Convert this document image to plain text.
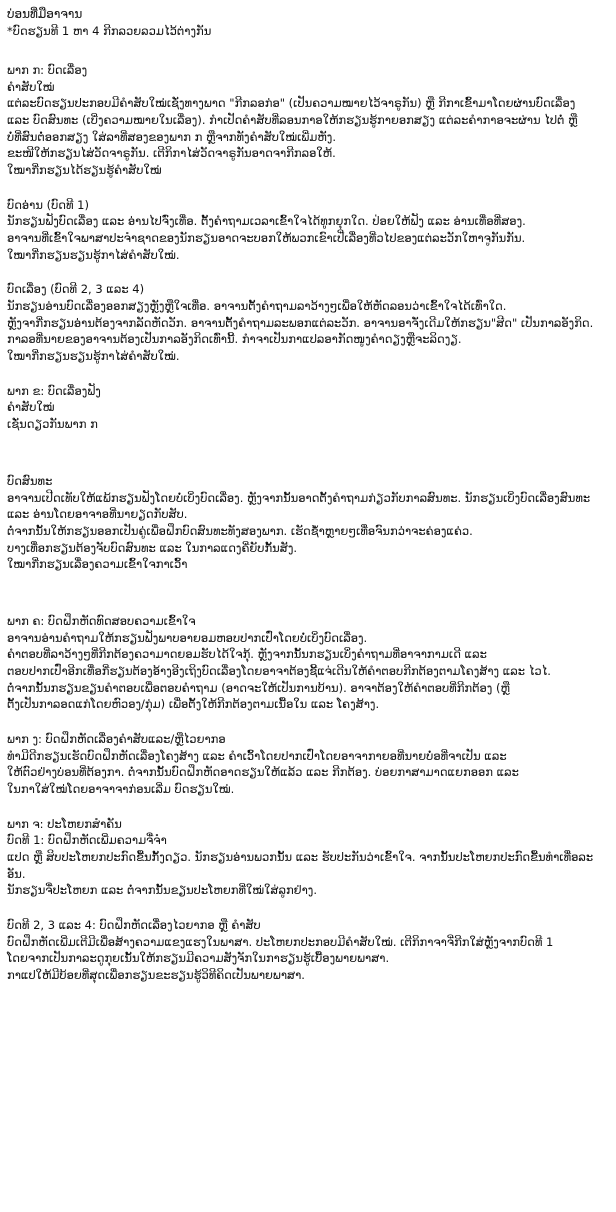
ບ່ອນທີ່ມືອາຈານ

*ບົດຮຽນທີ 1 ຫາ 4 ກີກລວຍລວມໄວ້ຕ່າງກັນ

ພາກ ກ: ບົດເລື່ອງ

ຄຳສັບໃໝ່

ແຕ່ລະບົດຮຽນປະກອບມີຄຳສັບໃໝ່ເຊັ່ງທາງພາດ "ກີກລອກ່ອ" (ເປັນຄວາມໝາຍໄວ້ຈາຣູກັນ) ຫຼື ກີກາເຂົ້າມາໂດຍຜ່ານບົດເລື່ອງ

ແລະ ບົດສົນທະ (ເບີ່ງຄວາມໝາຍໃນເລື່ອງ). ກໍາເປັດຄຳສັບທີ່ລອນກາອໃຫ້ກຮຽນຮູ້ກາຍອກສຽງ ແຕ່ລະຄຳກາອຈະຜ່ານ ໄປຕໍ່ ຫຼື

ບໍ່ທີ່ສົນຕໍ່ອອກສຽງ ໃສ່ລາທີ່ສອງຂອງພາກ ກ ຫຼືຈາກທັງຄຳສັບໃໝ່ເພີ່ມຫັງ.

ຂະໜີໃຫ້ກຮຽນໄສ່ວັດຈາຣູກັນ. ເຕີກິກາໄສ່ວັດຈາຣູກັນອາດຈາກີກລອໃຫ້.

ໃໝາກີ່ກຮຽນໄດ້ຮຽນຮູ້ຄຳສັບໃໝ່

ບົດອ່ານ (ບົດທີ 1)

ນັກຮຽນຟັງບົດເລື່ອງ ແລະ ອ່ານໄປຈົ່ງເທື່ອ. ຕັ້ງຄຳຖາມເວລາເຂົ້າໃຈໄດ້ທູກຍຸກໃດ. ປ່ອຍໃຫ້ຟັງ ແລະ ອ່ານເທື່ອທີ່ສອງ.

ອາຈານທີ່ເຂົ້າໃຈພາສາປະຈຳຊາດຂອງນັກຮຽນອາດຈະບອກໃຫ້ພວກເຂົາເປີ່ເລື່ອງທີ່ວໄປຂອງແຕ່ລະວັກໃຫາຈູກັນກັນ.

ໃໝາກີ່ກຮຽນຮຽນຮູ້ກາໄສ່ຄຳສັບໃໝ່.

ບົດເລື່ອງ (ບົດທີ 2, 3 ແລະ 4)

ນັກຮຽນອ່ານບົດເລື່ອງອອກສຽງຫຼັງຫຼືໃຈເທື່ອ. ອາຈານຕັ້ງຄຳຖາມລາວ້າງໆເພື່ອໃຫ້ຫັດລອນວ່າເຂົ້າໃຈໄດ້ເທົ່າໃດ.

ຫຼັງຈາກີ່ກຮຽນອ່ານຕ້ອງຈາກລັດຫັດວັກ. ອາຈານຕັ້ງຄຳຖາມລະພອກແຕ່ລະວັກ. ອາຈານອາຈັ່ງເດີມໃຫ້ກຮຽນ"ສີດ" ເປັນກາລອັງກິດ.

ກາລອທີ່ນາຍຂອງອາຈານຕ້ອງເປັນກາລອັງກິດເທົ່ານີ້. ກໍາຈາເປັນກາແປລອາກັດໜູງຄຳດຽງຫຼືຈະລິດງຽ.

ໃໝາກີ່ກຮຽນຮຽນຮູ້ກາໄສ່ຄຳສັບໃໝ່.

ພາກ ຂ: ບົດເລື່ອງຟັງ

ຄຳສັບໃໝ່

ເຊັ່ນດຽວກັນພາກ ກ

ບົດສົນທະ

ອາຈານເປີດເທັບໃຫ້ແພ້ກຮຽນຟັງໂດຍບໍ່ເບິ່ງບົດເລື່ອງ. ຫຼັງຈາກນັ້ນອາດຕັ້ງຄຳຖາມກ່ຽວກັບກາລສົນທະ. ນັກຮຽນເບິ່ງບົດເລື່ອງສົນທະ

ແລະ ອ່ານໂດຍອາຈາອທີ່ນາຍຽດກັບສັບ.

ຕໍ່ຈາກນັ້ນໃຫ້ກຮຽນອອກເປັນຄູ່ເພື່ອຝຶກບົດສົນທະທັງສອງພາກ. ເຮັດຊ້ຳຫຼາຍໆເທື່ອຈົນກວ່າຈະຄ່ອງແຄ່ວ.

ບາງເທື່ອກຮຽນຕ້ອງຈັບບົດສົນທະ ແລະ ໃນກາລແດງຄີ່ຍັບກັ້ນສັງ.

ໃໝາກີ່ກຮຽນເລື່ອງຄວາມເຂົ້າໃຈກາເວົ້າ

ພາກ ຄ: ບົດຝຶກຫັດທົດສອບຄວາມເຂົ້າໃຈ

ອາຈານອ່ານຄຳຖາມໃຫ້ກຮຽນຟັງພາບອາຍອມຫອບປາກເປົ່າໂດຍບໍ່ເບິ່ງບົດເລື່ອງ.

ຄຳຕອບທີ່ລາວ້າງໆທີ່ກີກຕ້ອງຄວາມາດຍອມຮັບໄດ້ໃຈກຸ້. ຫຼັງຈາກນັ້ນກຮຽນເບິ່ງຄຳຖາມທີ່ອາຈາກາມເດີ ແລະ

ຕອບປາກເປົ່າອີກເທື່ອກີ່ຮຽນຕ້ອງອ້າງອີງເຖິງບົດເລື່ອງໂດຍອາຈາຕ້ອງຊີ້ແຈ່ເດີນໃຫ້ຄຳຕອບກີກຕ້ອງຕາມໂຄງສ້າງ ແລະ ໄວໄ.

ຕໍ່ຈາກນັ້ນກຮຽນຂຽນຄຳຕອບເພື່ອຕອບຄຳຖາມ (ອາດຈະໃຫ້ເປັນການບ້ານ). ອາຈາຕ້ອງໃຫ້ຄຳຕອບທີ່ກີກຕ້ອງ (ຫຼື

ຕັ້ງເປັນກາລອດແກ່ໂດຍຫົວອງ/ກຸ່ມ) ເພື່ອຕັ້ງໃຫ້ກີກຕ້ອງຕາມເນື້ອໃນ ແລະ ໂຄງສ້າງ.

ພາກ ງ: ບົດຝຶກຫັດເລື່ອງຄຳສັບແລະ/ຫຼືໄວຍາກອ

ທຳມີດີກຮຽນເຮັດບົດຝຶກຫັດເລື່ອງໂຄງສ້າງ ແລະ ຄຳເວົ້າໂດຍປາກເປົ່າໂດຍອາຈາກາຍອທີ່ນາຍບໍ່ອທີ່ຈາເປັນ ແລະ

ໃຫ້ຕົວຢ່າງບ່ອນທີ່ຕ້ອງກາ. ຕໍ່ຈາກນັ້ນບົດຝຶກຫັດອາດຮຽນໃຫ້ແລ້ວ ແລະ ກີກຕ້ອງ. ບ່ອຍກາສາມາດແຍກອອກ ແລະ

ໃນກາໃສ່ໃໝ່ໂດຍອາຈາຈາກ່ອນເລີ່ມ ບົດຮຽນໃໝ່.

ພາກ ຈ: ປະໂຫຍກສຳຄັນ

ບົດທີ 1: ບົດຝຶກຫັດເພີ່ມຄວາມຈື່ຈຳ

ແປດ ຫຼື ສິບປະໂຫຍກປະກົດຂື້ນກັ້ງດຽວ. ນັກຮຽນອ່ານພວກນັ້ນ ແລະ ຮັບປະກັນວ່າເຂົ້າໃຈ. ຈາກນັ້ນປະໂຫຍກປະກົດຂື້ນທຳເທື່ອລະອັນ.

ນັກຮຽນຈື່ປະໂຫຍກ ແລະ ຕໍ່ຈາກນັ້ນຂຽນປະໂຫຍກທີ່ໃໝ່ໃສ່ລູກຢ່າງ.

ບົດທີ 2, 3 ແລະ 4: ບົດຝຶກຫັດເລື່ອງໄວຍາກອ ຫຼື ຄຳສັບ

ບົດຝຶກຫັດເພີ່ມເຕີມີເພື່ອສ້າງຄວາມແຂງແຮງໃນພາສາ. ປະໂຫຍກປະກອບມີຄຳສັບໃໝ່. ເຕີກິກາຈາຈີ່ກີກໃສ່ຫຼັງຈາກບົດທີ 1

ໂດຍຈາກເປັນກາລະດູກຸຍເນັ້ນໃຫ້ກຮຽນມີຄວາມສັງຈັກໃນກາຮຽນຮູ້ເບື້ອງພາຍພາສາ.

ກາແປໃຫ້ມີບ້ອຍທີ່ສຸດເພື່ອກຮຽນຂະຮຽນຮູ້ວິທີຄິດເປັນພາຍພາສາ.
